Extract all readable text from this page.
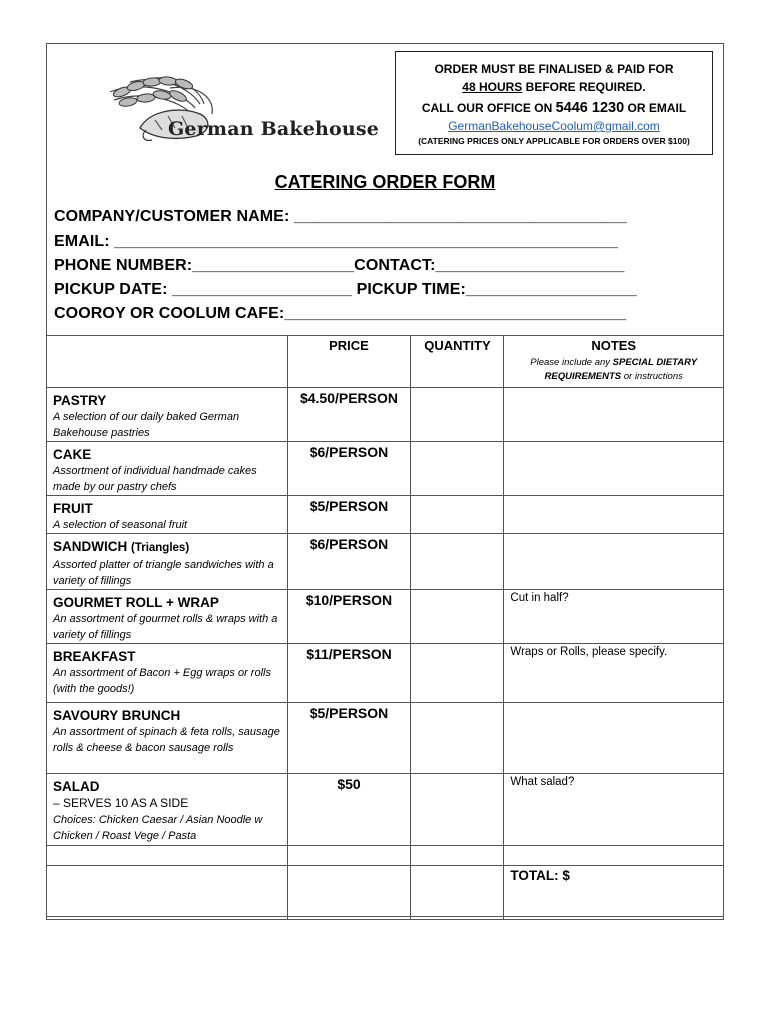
German Bakehouse
ORDER MUST BE FINALISED & PAID FOR
48 HOURS BEFORE REQUIRED.
CALL OUR OFFICE ON 5446 1230 OR EMAIL
GermanBakehouseCoolum@gmail.com
(CATERING PRICES ONLY APPLICABLE FOR ORDERS OVER $100)
CATERING ORDER FORM
COMPANY/CUSTOMER NAME: _____________________________________
EMAIL: ________________________________________________________
PHONE NUMBER:__________________CONTACT:_____________________
PICKUP DATE: ____________________ PICKUP TIME:___________________
COOROY OR COOLUM CAFE:______________________________________
	PRICE	QUANTITY	NOTES
Please include any SPECIAL DIETARY REQUIREMENTS or instructions

PASTRY
A selection of our daily baked German Bakehouse pastries	$4.50/PERSON		

CAKE
Assortment of individual handmade cakes made by our pastry chefs	$6/PERSON		

FRUIT
A selection of seasonal fruit	$5/PERSON		

SANDWICH (Triangles)
Assorted platter of triangle sandwiches with a variety of fillings	$6/PERSON		

GOURMET ROLL + WRAP
An assortment of gourmet rolls & wraps with a variety of fillings	$10/PERSON		Cut in half?

BREAKFAST
An assortment of Bacon + Egg wraps or rolls (with the goods!)	$11/PERSON		Wraps or Rolls, please specify.

SAVOURY BRUNCH
An assortment of spinach & feta rolls, sausage rolls & cheese & bacon sausage rolls	$5/PERSON		

SALAD
– SERVES 10 AS A SIDE
Choices: Chicken Caesar / Asian Noodle w Chicken / Roast Vege / Pasta	$50		What salad?

			TOTAL: $
